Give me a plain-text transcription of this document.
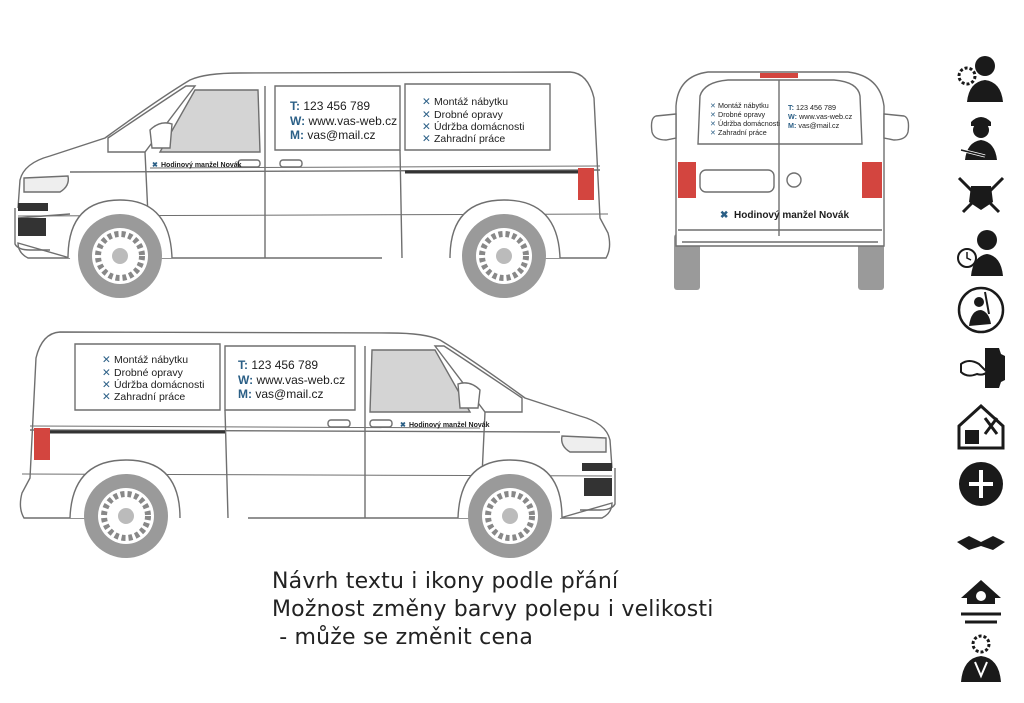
T: 123 456 789
W: www.vas-web.cz
M: vas@mail.cz
✕ Montáž nábytku
✕ Drobné opravy
✕ Údržba domácnosti
✕ Zahradní práce
✖ Hodinový manžel Novák
✕ Montáž nábytku
✕ Drobné opravy
✕ Údržba domácnosti
✕ Zahradní práce
T: 123 456 789
W: www.vas-web.cz
M: vas@mail.cz
✖ Hodinový manžel Novák
✕ Montáž nábytku
✕ Drobné opravy
✕ Údržba domácnosti
✕ Zahradní práce
T: 123 456 789
W: www.vas-web.cz
M: vas@mail.cz
✖ Hodinový manžel Novák
Návrh textu i ikony podle přání
Možnost změny barvy polepu i velikosti
- může se změnit cena
